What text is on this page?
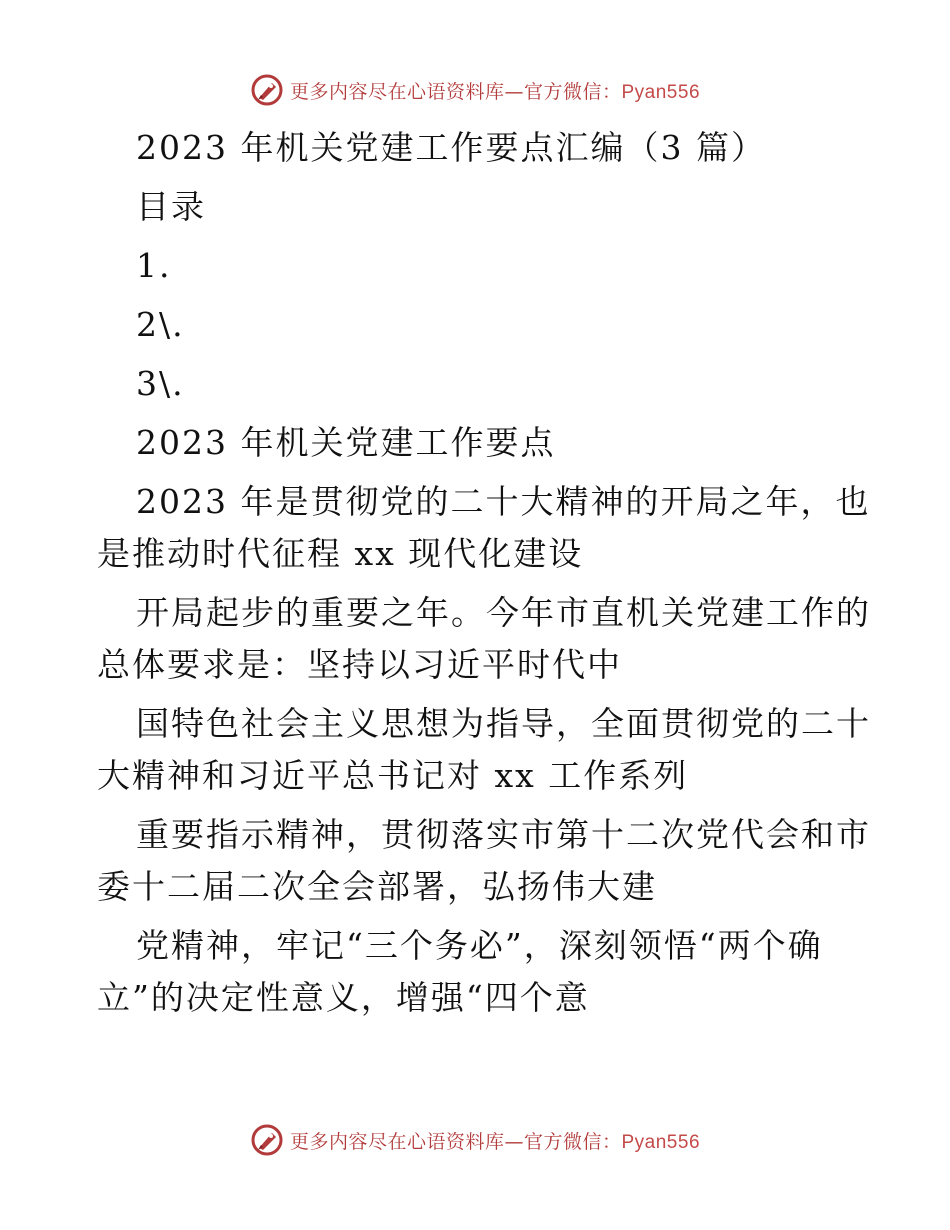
更多内容尽在心语资料库—官方微信：Pyan556
2023 年机关党建工作要点汇编（3 篇）
目录
1.
2\.
3\.
2023 年机关党建工作要点
2023 年是贯彻党的二十大精神的开局之年，也
是推动时代征程 xx 现代化建设
开局起步的重要之年。今年市直机关党建工作的
总体要求是：坚持以习近平时代中
国特色社会主义思想为指导，全面贯彻党的二十
大精神和习近平总书记对 xx 工作系列
重要指示精神，贯彻落实市第十二次党代会和市
委十二届二次全会部署，弘扬伟大建
党精神，牢记“三个务必”，深刻领悟“两个确
立”的决定性意义，增强“四个意
更多内容尽在心语资料库—官方微信：Pyan556
